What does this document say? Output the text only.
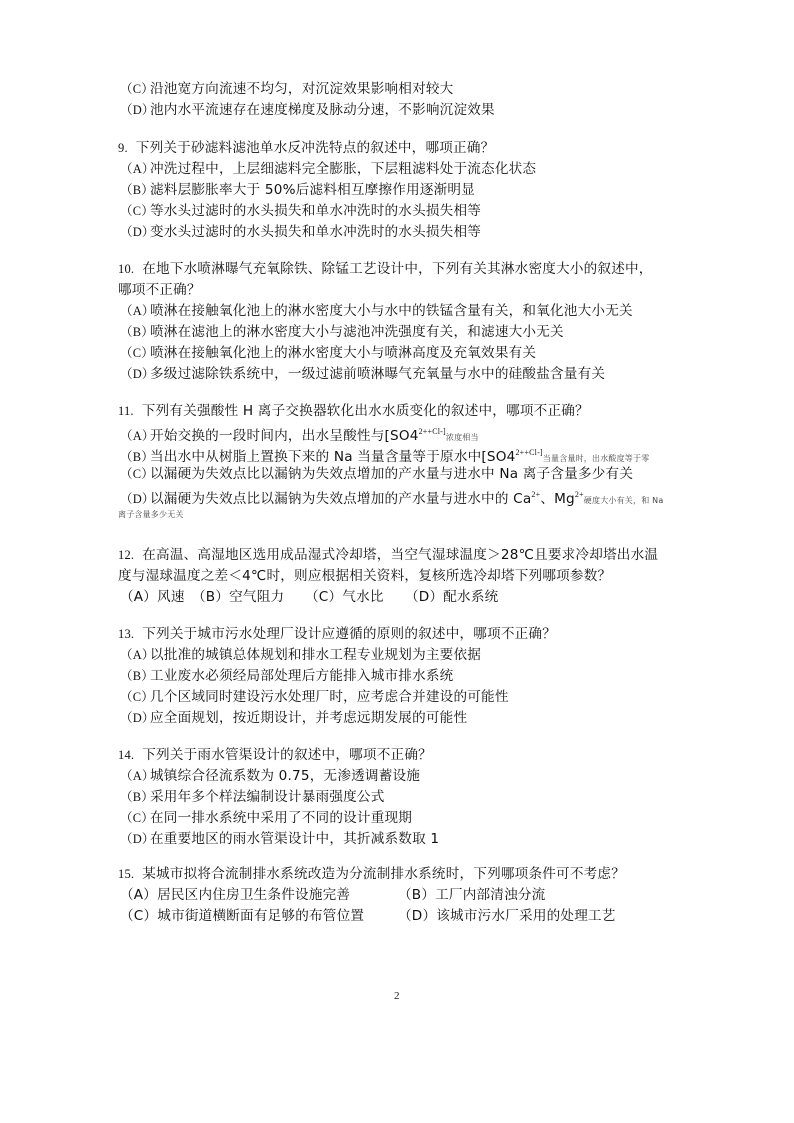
（C）沿池宽方向流速不均匀，对沉淀效果影响相对较大
（D）池内水平流速存在速度梯度及脉动分速，不影响沉淀效果
9. 下列关于砂滤料滤池单水反冲洗特点的叙述中，哪项正确？
（A）冲洗过程中，上层细滤料完全膨胀，下层粗滤料处于流态化状态
（B）滤料层膨胀率大于 50%后滤料相互摩擦作用逐渐明显
（C）等水头过滤时的水头损失和单水冲洗时的水头损失相等
（D）变水头过滤时的水头损失和单水冲洗时的水头损失相等
10. 在地下水喷淋曝气充氧除铁、除锰工艺设计中，下列有关其淋水密度大小的叙述中，
哪项不正确？
（A）喷淋在接触氧化池上的淋水密度大小与水中的铁锰含量有关，和氧化池大小无关
（B）喷淋在滤池上的淋水密度大小与滤池冲洗强度有关，和滤速大小无关
（C）喷淋在接触氧化池上的淋水密度大小与喷淋高度及充氧效果有关
（D）多级过滤除铁系统中，一级过滤前喷淋曝气充氧量与水中的硅酸盐含量有关
11. 下列有关强酸性 H 离子交换器软化出水水质变化的叙述中，哪项不正确？
（A）开始交换的一段时间内，出水呈酸性与[$SO4^{2++Cl-]}$浓度相当
（B）当出水中从树脂上置换下来的 Na 当量含量等于原水中[$SO4^{2++Cl-]}$当量含量时，出水酸度等于零
（C）以漏硬为失效点比以漏钠为失效点增加的产水量与进水中 Na 离子含量多少有关
（D）以漏硬为失效点比以漏钠为失效点增加的产水量与进水中的 $Ca^{2+}$、$Mg^{2+}$硬度大小有关，和 Na
离子含量多少无关
12. 在高温、高湿地区选用成品湿式冷却塔，当空气湿球温度＞28℃且要求冷却塔出水温
度与湿球温度之差＜4℃时，则应根据相关资料，复核所选冷却塔下列哪项参数？
（A）风速 （B）空气阻力 （C）气水比 （D）配水系统
13. 下列关于城市污水处理厂设计应遵循的原则的叙述中，哪项不正确？
（A）以批准的城镇总体规划和排水工程专业规划为主要依据
（B）工业废水必须经局部处理后方能排入城市排水系统
（C）几个区域同时建设污水处理厂时，应考虑合并建设的可能性
（D）应全面规划，按近期设计，并考虑远期发展的可能性
14. 下列关于雨水管渠设计的叙述中，哪项不正确？
（A）城镇综合径流系数为 0.75，无渗透调蓄设施
（B）采用年多个样法编制设计暴雨强度公式
（C）在同一排水系统中采用了不同的设计重现期
（D）在重要地区的雨水管渠设计中，其折减系数取 1
15. 某城市拟将合流制排水系统改造为分流制排水系统时，下列哪项条件可不考虑？
（A）居民区内住房卫生条件设施完善	（B）工厂内部清浊分流
（C）城市街道横断面有足够的布管位置 （D）该城市污水厂采用的处理工艺
2
